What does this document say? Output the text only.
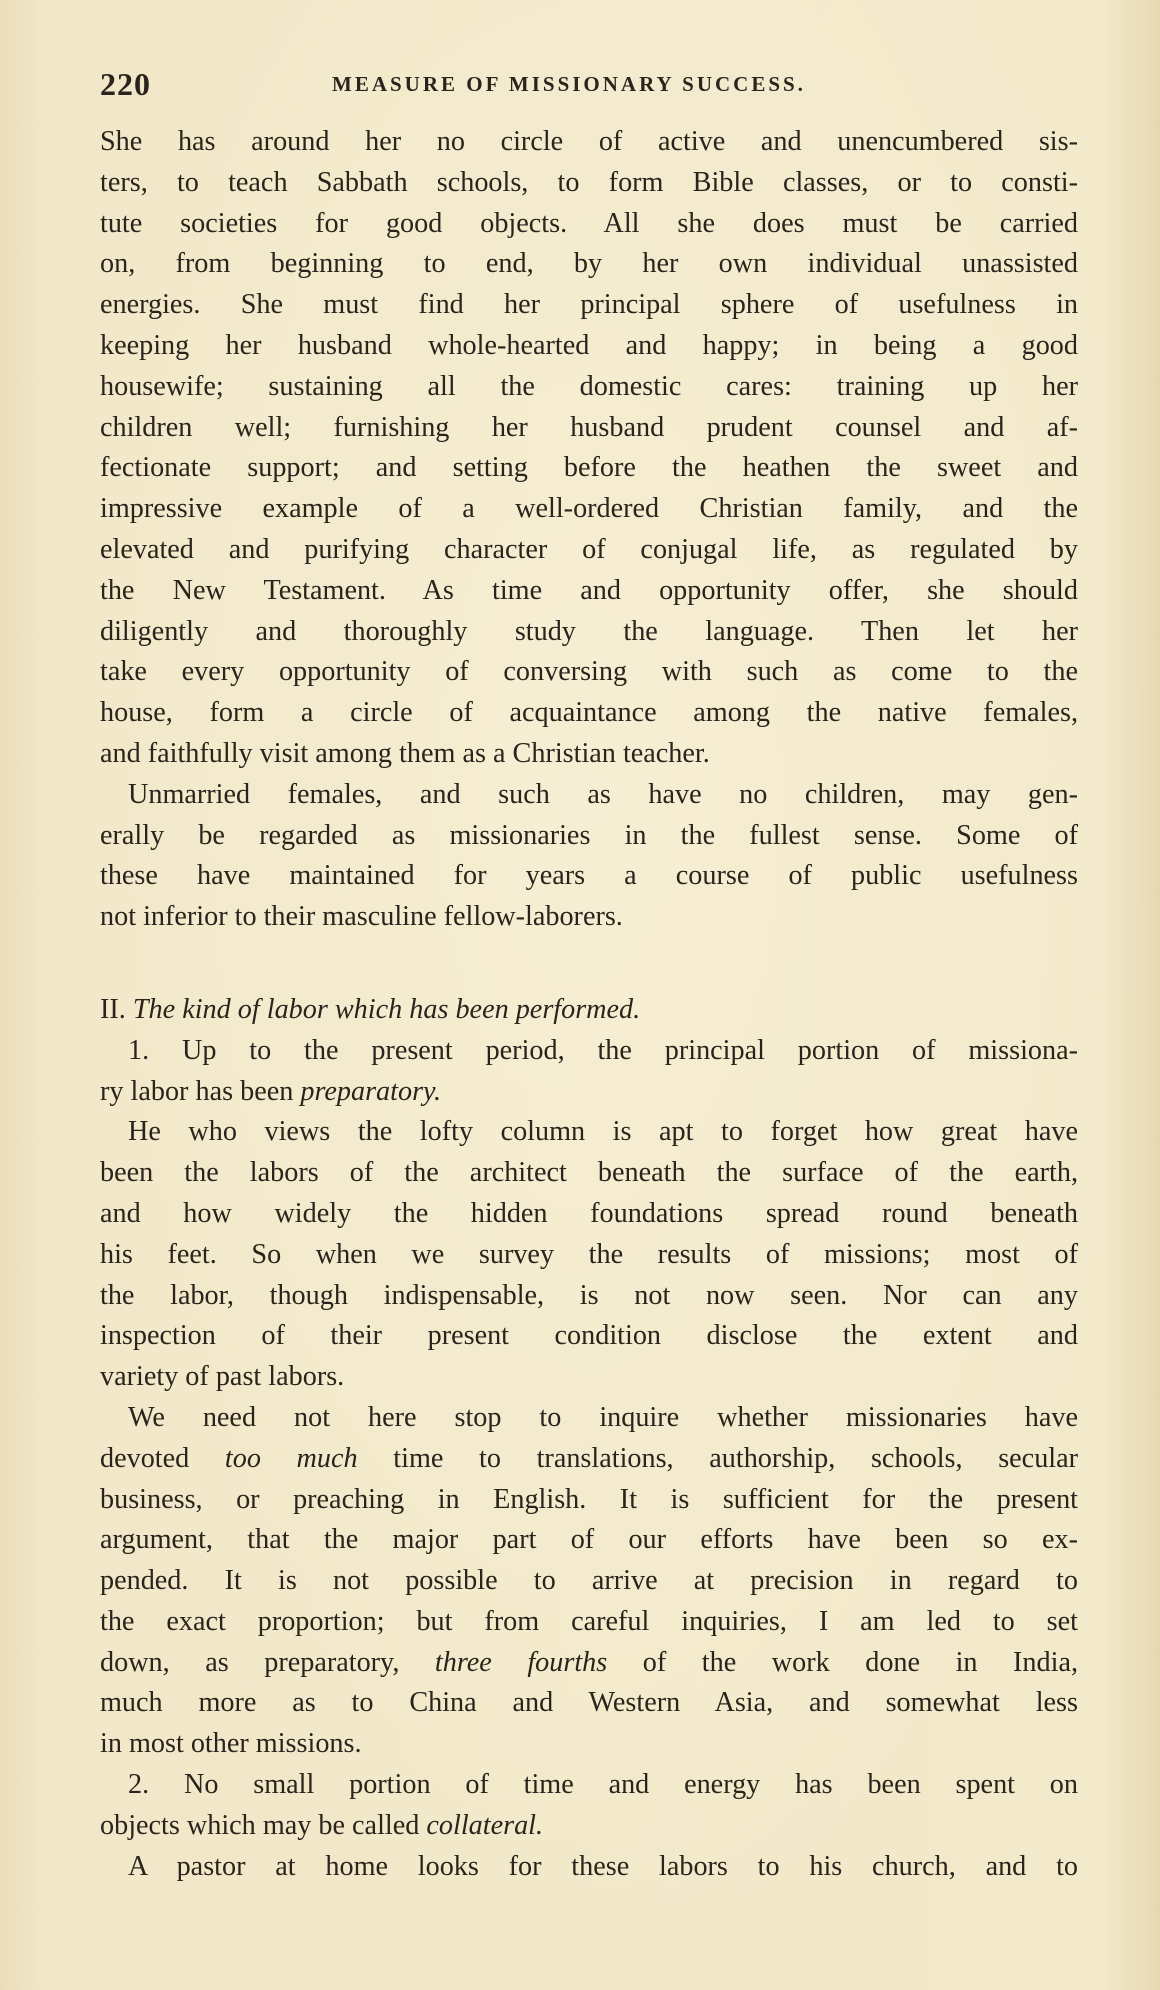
220	MEASURE OF MISSIONARY SUCCESS.
She has around her no circle of active and unencumbered sis-
ters, to teach Sabbath schools, to form Bible classes, or to consti-
tute societies for good objects. All she does must be carried
on, from beginning to end, by her own individual unassisted
energies. She must find her principal sphere of usefulness in
keeping her husband whole-hearted and happy; in being a good
housewife; sustaining all the domestic cares: training up her
children well; furnishing her husband prudent counsel and af-
fectionate support; and setting before the heathen the sweet and
impressive example of a well-ordered Christian family, and the
elevated and purifying character of conjugal life, as regulated by
the New Testament. As time and opportunity offer, she should
diligently and thoroughly study the language. Then let her
take every opportunity of conversing with such as come to the
house, form a circle of acquaintance among the native females,
and faithfully visit among them as a Christian teacher.
Unmarried females, and such as have no children, may gen-
erally be regarded as missionaries in the fullest sense. Some of
these have maintained for years a course of public usefulness
not inferior to their masculine fellow-laborers.
II. The kind of labor which has been performed.
1. Up to the present period, the principal portion of missiona-
ry labor has been preparatory.
He who views the lofty column is apt to forget how great have
been the labors of the architect beneath the surface of the earth,
and how widely the hidden foundations spread round beneath
his feet. So when we survey the results of missions; most of
the labor, though indispensable, is not now seen. Nor can any
inspection of their present condition disclose the extent and
variety of past labors.
We need not here stop to inquire whether missionaries have
devoted too much time to translations, authorship, schools, secular
business, or preaching in English. It is sufficient for the present
argument, that the major part of our efforts have been so ex-
pended. It is not possible to arrive at precision in regard to
the exact proportion; but from careful inquiries, I am led to set
down, as preparatory, three fourths of the work done in India,
much more as to China and Western Asia, and somewhat less
in most other missions.
2. No small portion of time and energy has been spent on
objects which may be called collateral.
A pastor at home looks for these labors to his church, and to
